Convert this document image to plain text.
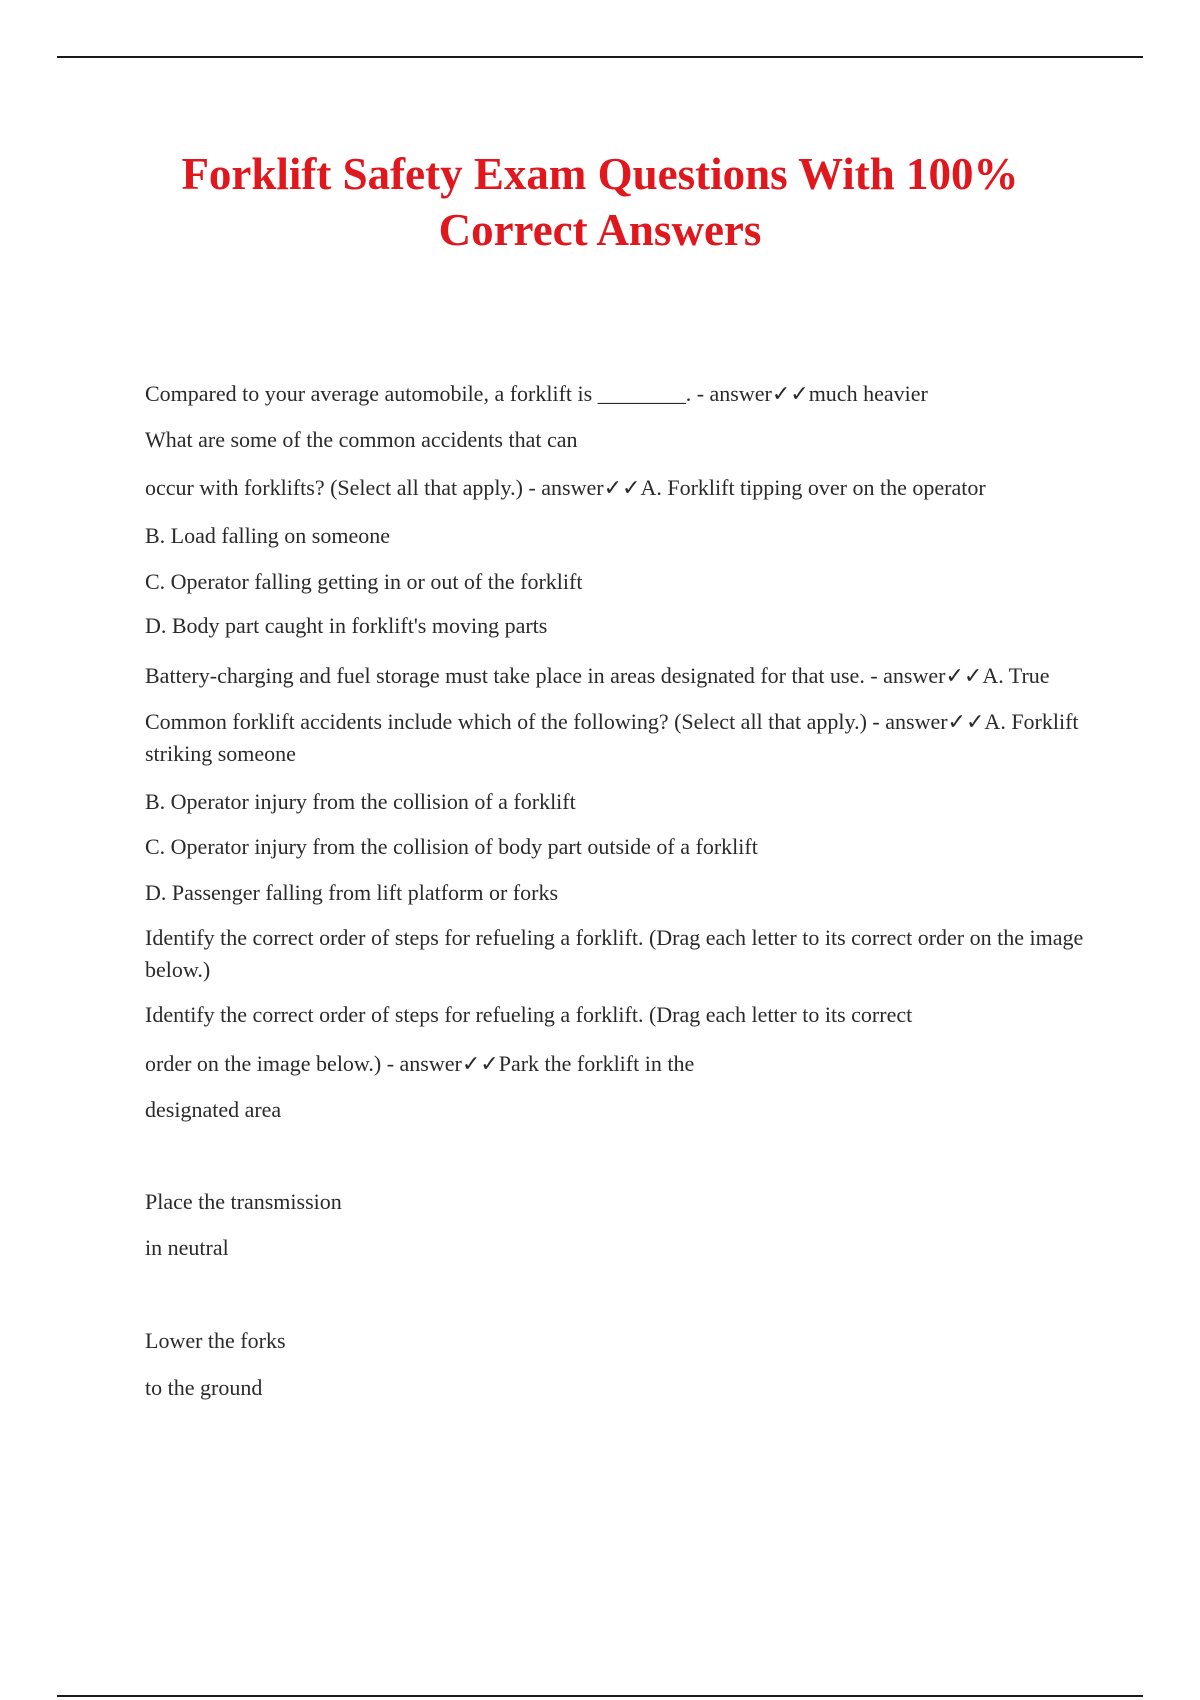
Forklift Safety Exam Questions With 100%
Correct Answers

Compared to your average automobile, a forklift is ________. - answer✓✓much heavier

What are some of the common accidents that can

occur with forklifts? (Select all that apply.) - answer✓✓A. Forklift tipping over on the operator

B. Load falling on someone

C. Operator falling getting in or out of the forklift

D. Body part caught in forklift's moving parts

Battery-charging and fuel storage must take place in areas designated for that use. - answer✓✓A. True

Common forklift accidents include which of the following? (Select all that apply.) - answer✓✓A. Forklift striking someone

B. Operator injury from the collision of a forklift

C. Operator injury from the collision of body part outside of a forklift

D. Passenger falling from lift platform or forks

Identify the correct order of steps for refueling a forklift. (Drag each letter to its correct order on the image below.)

Identify the correct order of steps for refueling a forklift. (Drag each letter to its correct

order on the image below.) - answer✓✓Park the forklift in the

designated area

Place the transmission

in neutral

Lower the forks

to the ground
